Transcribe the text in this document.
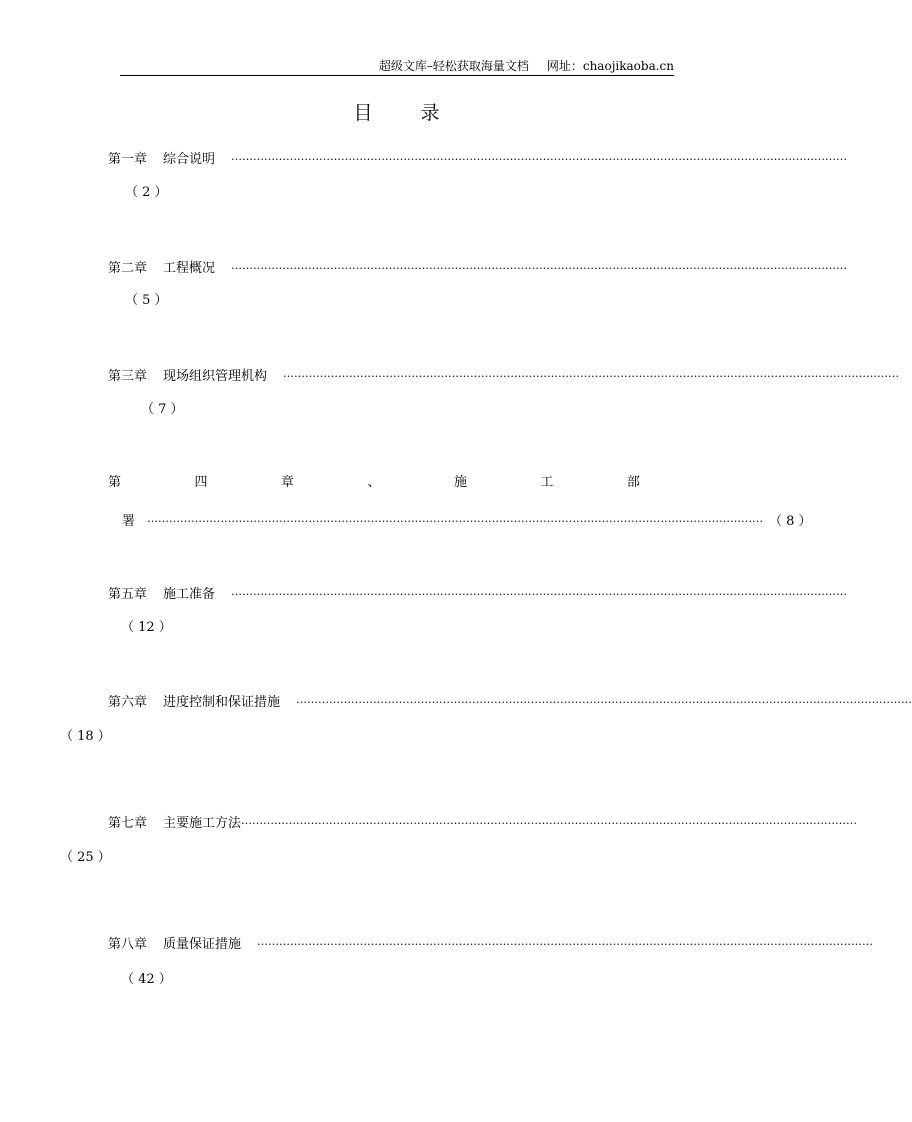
超级文库–轻松获取海量文档 网址：chaojikaoba.cn
目录
第一章 综合说明 ……………………………………………………………………………………………………………………………………………………
（ 2 ）
第二章 工程概况 ……………………………………………………………………………………………………………………………………………………
（ 5 ）
第三章 现场组织管理机构 ……………………………………………………………………………………………………………………………………………………
（ 7 ）
第	四	章	、	施	工	部
署 …………………………………………………………………………………………………………………………………………………… （ 8 ）
第五章 施工准备 ……………………………………………………………………………………………………………………………………………………
（ 12 ）
第六章 进度控制和保证措施 ……………………………………………………………………………………………………………………………………………………
（ 18 ）
第七章 主要施工方法 ……………………………………………………………………………………………………………………………………………………
（ 25 ）
第八章 质量保证措施 ……………………………………………………………………………………………………………………………………………………
（ 42 ）
